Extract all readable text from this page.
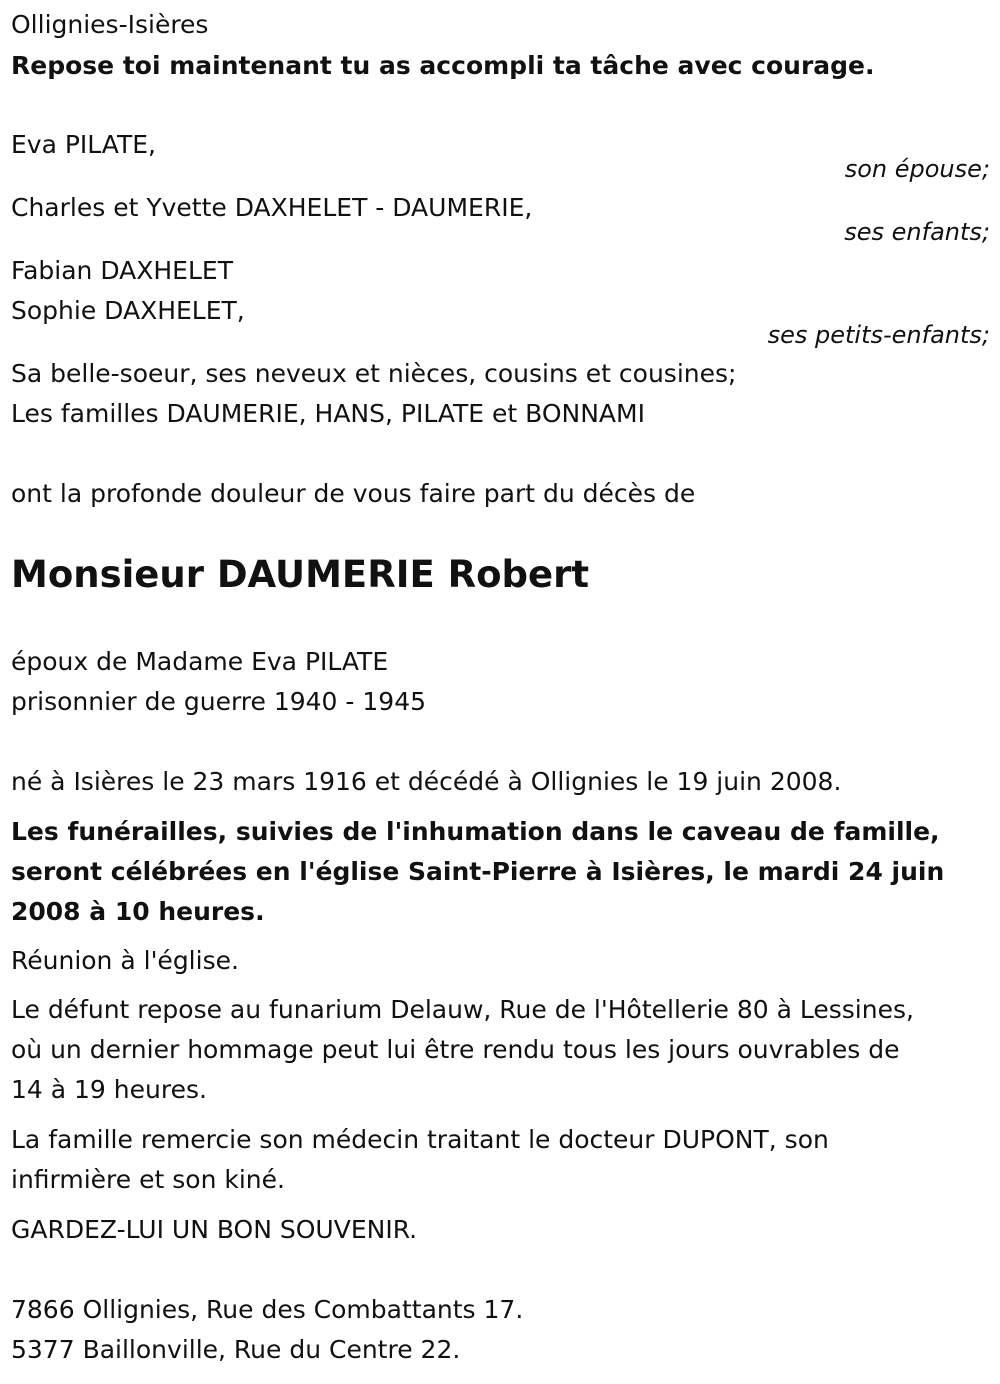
Ollignies-Isières
Repose toi maintenant tu as accompli ta tâche avec courage.
Eva PILATE,
son épouse;
Charles et Yvette DAXHELET - DAUMERIE,
ses enfants;
Fabian DAXHELET
Sophie DAXHELET,
ses petits-enfants;
Sa belle-soeur, ses neveux et nièces, cousins et cousines;
Les familles DAUMERIE, HANS, PILATE et BONNAMI
ont la profonde douleur de vous faire part du décès de
Monsieur DAUMERIE Robert
époux de Madame Eva PILATE
prisonnier de guerre 1940 - 1945
né à Isières le 23 mars 1916 et décédé à Ollignies le 19 juin 2008.
Les funérailles, suivies de l'inhumation dans le caveau de famille,
seront célébrées en l'église Saint-Pierre à Isières, le mardi 24 juin
2008 à 10 heures.
Réunion à l'église.
Le défunt repose au funarium Delauw, Rue de l'Hôtellerie 80 à Lessines,
où un dernier hommage peut lui être rendu tous les jours ouvrables de
14 à 19 heures.
La famille remercie son médecin traitant le docteur DUPONT, son
infirmière et son kiné.
GARDEZ-LUI UN BON SOUVENIR.
7866 Ollignies, Rue des Combattants 17.
5377 Baillonville, Rue du Centre 22.
